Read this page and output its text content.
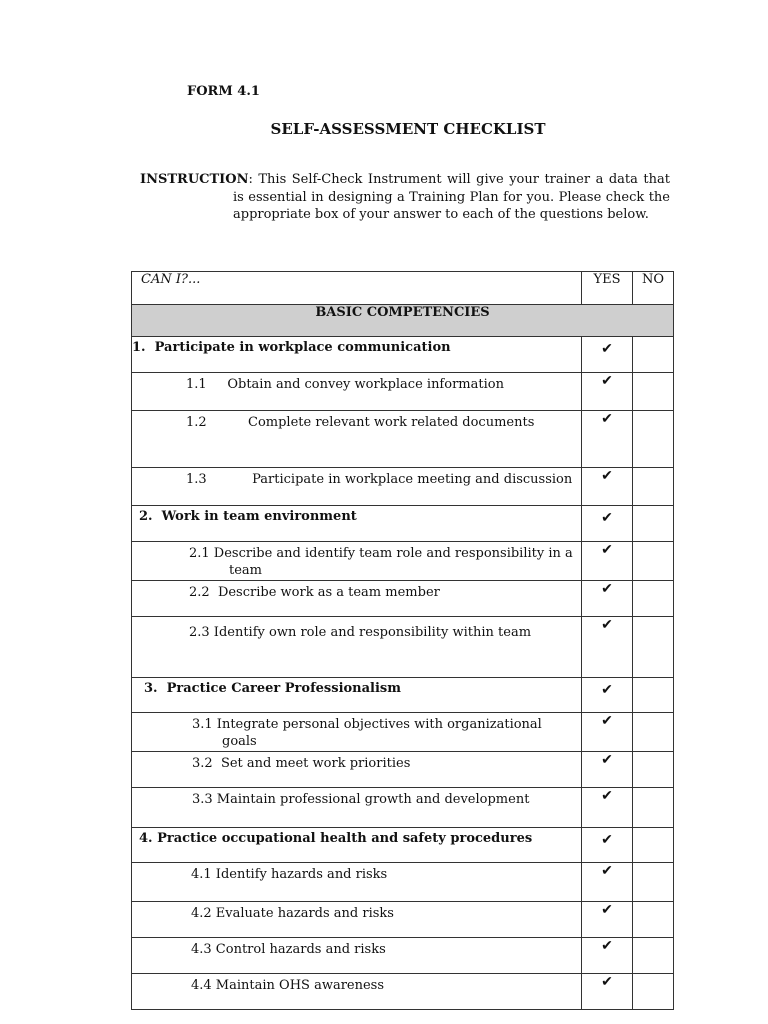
FORM 4.1
SELF-ASSESSMENT CHECKLIST
INSTRUCTION: This Self-Check Instrument will give your trainer a data that is essential in designing a Training Plan for you. Please check the appropriate box of your answer to each of the questions below.
CAN I?...	YES	NO
BASIC COMPETENCIES		
1.  Participate in workplace communication	✔	
1.1     Obtain and convey workplace information	✔	
1.2          Complete relevant work related documents	✔	
1.3           Participate in workplace meeting and discussion	✔	
2.  Work in team environment	✔	
2.1 Describe and identify team role and responsibility in a team	✔	
2.2  Describe work as a team member	✔	
2.3 Identify own role and responsibility within team	✔	
3.  Practice Career Professionalism	✔	
3.1 Integrate personal objectives with organizational goals	✔	
3.2  Set and meet work priorities	✔	
3.3 Maintain professional growth and development	✔	
4. Practice occupational health and safety procedures	✔	
4.1 Identify hazards and risks	✔	
4.2 Evaluate hazards and risks	✔	
4.3 Control hazards and risks	✔	
4.4 Maintain OHS awareness	✔	
